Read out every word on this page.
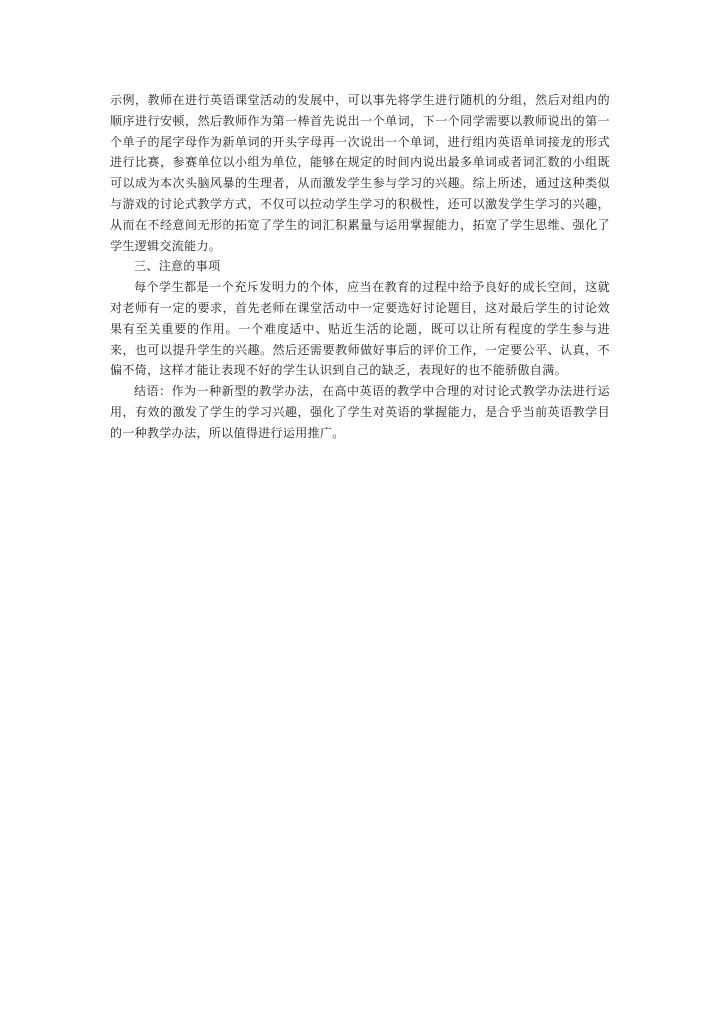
示例，教师在进行英语课堂活动的发展中，可以事先将学生进行随机的分组，然后对组内的顺序进行安顿，然后教师作为第一棒首先说出一个单词，下一个同学需要以教师说出的第一个单子的尾字母作为新单词的开头字母再一次说出一个单词，进行组内英语单词接龙的形式进行比赛，参赛单位以小组为单位，能够在规定的时间内说出最多单词或者词汇数的小组既可以成为本次头脑风暴的生理者，从而激发学生参与学习的兴趣。综上所述，通过这种类似与游戏的讨论式教学方式，不仅可以拉动学生学习的积极性，还可以激发学生学习的兴趣，从而在不经意间无形的拓宽了学生的词汇积累量与运用掌握能力，拓宽了学生思维、强化了学生逻辑交流能力。

三、注意的事项

每个学生都是一个充斥发明力的个体，应当在教育的过程中给予良好的成长空间，这就对老师有一定的要求，首先老师在课堂活动中一定要选好讨论题目，这对最后学生的讨论效果有至关重要的作用。一个难度适中、贴近生活的论题，既可以让所有程度的学生参与进来，也可以提升学生的兴趣。然后还需要教师做好事后的评价工作，一定要公平、认真，不偏不倚，这样才能让表现不好的学生认识到自己的缺乏，表现好的也不能骄傲自满。

结语：作为一种新型的教学办法，在高中英语的教学中合理的对讨论式教学办法进行运用，有效的激发了学生的学习兴趣，强化了学生对英语的掌握能力，是合乎当前英语教学目的一种教学办法，所以值得进行运用推广。
